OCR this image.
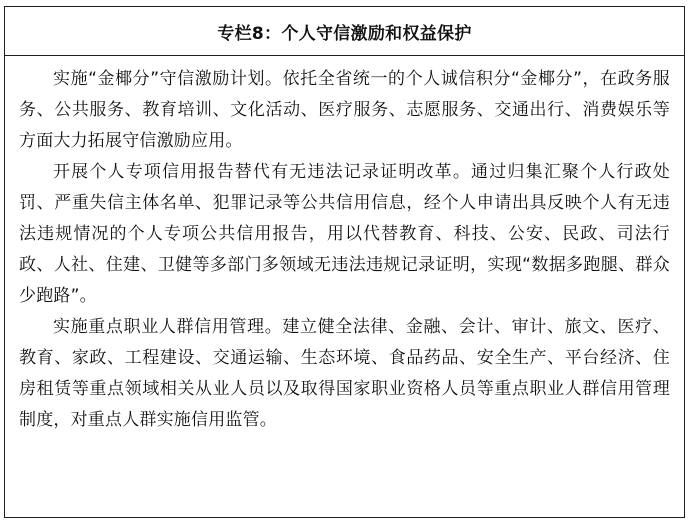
专栏8：个人守信激励和权益保护

实施“金椰分”守信激励计划。依托全省统一的个人诚信积分“金椰分”，在政务服务、公共服务、教育培训、文化活动、医疗服务、志愿服务、交通出行、消费娱乐等方面大力拓展守信激励应用。

开展个人专项信用报告替代有无违法记录证明改革。通过归集汇聚个人行政处罚、严重失信主体名单、犯罪记录等公共信用信息，经个人申请出具反映个人有无违法违规情况的个人专项公共信用报告，用以代替教育、科技、公安、民政、司法行政、人社、住建、卫健等多部门多领域无违法违规记录证明，实现“数据多跑腿、群众少跑路”。

实施重点职业人群信用管理。建立健全法律、金融、会计、审计、旅文、医疗、教育、家政、工程建设、交通运输、生态环境、食品药品、安全生产、平台经济、住房租赁等重点领域相关从业人员以及取得国家职业资格人员等重点职业人群信用管理制度，对重点人群实施信用监管。
